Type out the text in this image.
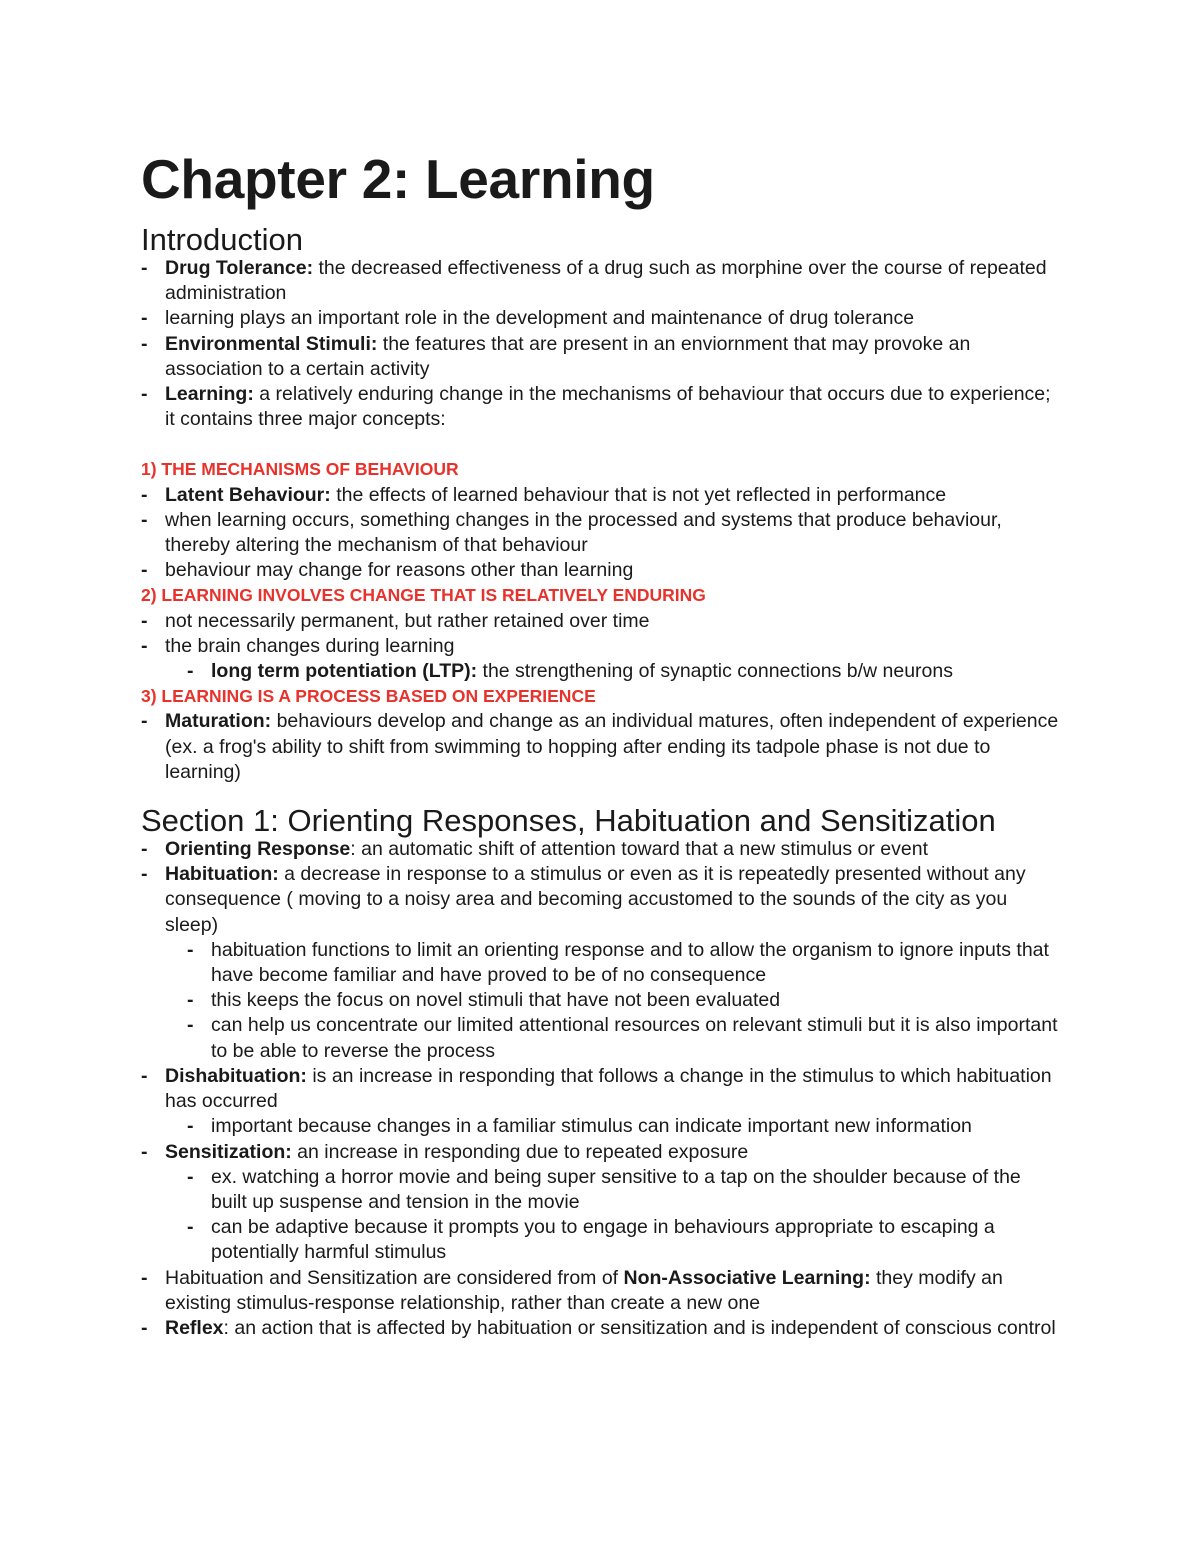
Chapter 2: Learning
Introduction
- Drug Tolerance: the decreased effectiveness of a drug such as morphine over the course of repeated administration
- learning plays an important role in the development and maintenance of drug tolerance
- Environmental Stimuli: the features that are present in an enviornment that may provoke an association to a certain activity
- Learning: a relatively enduring change in the mechanisms of behaviour that occurs due to experience; it contains three major concepts:

1) THE MECHANISMS OF BEHAVIOUR

- Latent Behaviour: the effects of learned behaviour that is not yet reflected in performance
- when learning occurs, something changes in the processed and systems that produce behaviour, thereby altering the mechanism of that behaviour
- behaviour may change for reasons other than learning

2) LEARNING INVOLVES CHANGE THAT IS RELATIVELY ENDURING

- not necessarily permanent, but rather retained over time
- the brain changes during learning
- long term potentiation (LTP): the strengthening of synaptic connections b/w neurons

3) LEARNING IS A PROCESS BASED ON EXPERIENCE

- Maturation: behaviours develop and change as an individual matures, often independent of experience (ex. a frog's ability to shift from swimming to hopping after ending its tadpole phase is not due to learning)
Section 1: Orienting Responses, Habituation and Sensitization
- Orienting Response: an automatic shift of attention toward that a new stimulus or event
- Habituation: a decrease in response to a stimulus or even as it is repeatedly presented without any consequence ( moving to a noisy area and becoming accustomed to the sounds of the city as you sleep)
- habituation functions to limit an orienting response and to allow the organism to ignore inputs that have become familiar and have proved to be of no consequence
- this keeps the focus on novel stimuli that have not been evaluated
- can help us concentrate our limited attentional resources on relevant stimuli but it is also important to be able to reverse the process
- Dishabituation: is an increase in responding that follows a change in the stimulus to which habituation has occurred
- important because changes in a familiar stimulus can indicate important new information
- Sensitization: an increase in responding due to repeated exposure
- ex. watching a horror movie and being super sensitive to a tap on the shoulder because of the built up suspense and tension in the movie
- can be adaptive because it prompts you to engage in behaviours appropriate to escaping a potentially harmful stimulus
- Habituation and Sensitization are considered from of Non-Associative Learning: they modify an existing stimulus-response relationship, rather than create a new one
- Reflex: an action that is affected by habituation or sensitization and is independent of conscious control
